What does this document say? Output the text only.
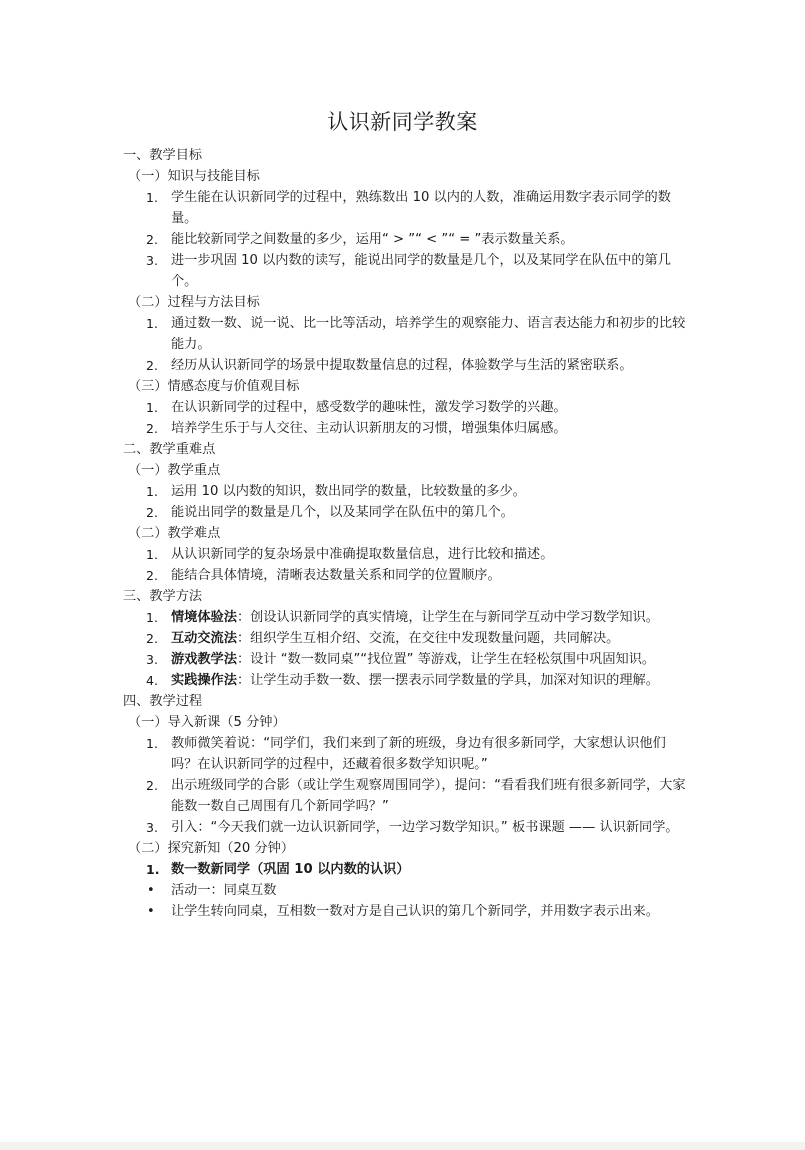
认识新同学教案
一、教学目标
（一）知识与技能目标
1. 学生能在认识新同学的过程中，熟练数出 10 以内的人数，准确运用数字表示同学的数量。
2. 能比较新同学之间数量的多少，运用“ > ”“ < ”“ = ”表示数量关系。
3. 进一步巩固 10 以内数的读写，能说出同学的数量是几个，以及某同学在队伍中的第几个。
（二）过程与方法目标
1. 通过数一数、说一说、比一比等活动，培养学生的观察能力、语言表达能力和初步的比较能力。
2. 经历从认识新同学的场景中提取数量信息的过程，体验数学与生活的紧密联系。
（三）情感态度与价值观目标
1. 在认识新同学的过程中，感受数学的趣味性，激发学习数学的兴趣。
2. 培养学生乐于与人交往、主动认识新朋友的习惯，增强集体归属感。
二、教学重难点
（一）教学重点
1. 运用 10 以内数的知识，数出同学的数量，比较数量的多少。
2. 能说出同学的数量是几个，以及某同学在队伍中的第几个。
（二）教学难点
1. 从认识新同学的复杂场景中准确提取数量信息，进行比较和描述。
2. 能结合具体情境，清晰表达数量关系和同学的位置顺序。
三、教学方法
1. 情境体验法：创设认识新同学的真实情境，让学生在与新同学互动中学习数学知识。
2. 互动交流法：组织学生互相介绍、交流，在交往中发现数量问题，共同解决。
3. 游戏教学法：设计 “数一数同桌”“找位置” 等游戏，让学生在轻松氛围中巩固知识。
4. 实践操作法：让学生动手数一数、摆一摆表示同学数量的学具，加深对知识的理解。
四、教学过程
（一）导入新课（5 分钟）
1. 教师微笑着说：“同学们，我们来到了新的班级，身边有很多新同学，大家想认识他们吗？在认识新同学的过程中，还藏着很多数学知识呢。”
2. 出示班级同学的合影（或让学生观察周围同学），提问：“看看我们班有很多新同学，大家能数一数自己周围有几个新同学吗？”
3. 引入：“今天我们就一边认识新同学，一边学习数学知识。” 板书课题 —— 认识新同学。
（二）探究新知（20 分钟）
1. 数一数新同学（巩固 10 以内数的认识）
•	活动一：同桌互数
•	让学生转向同桌，互相数一数对方是自己认识的第几个新同学，并用数字表示出来。
